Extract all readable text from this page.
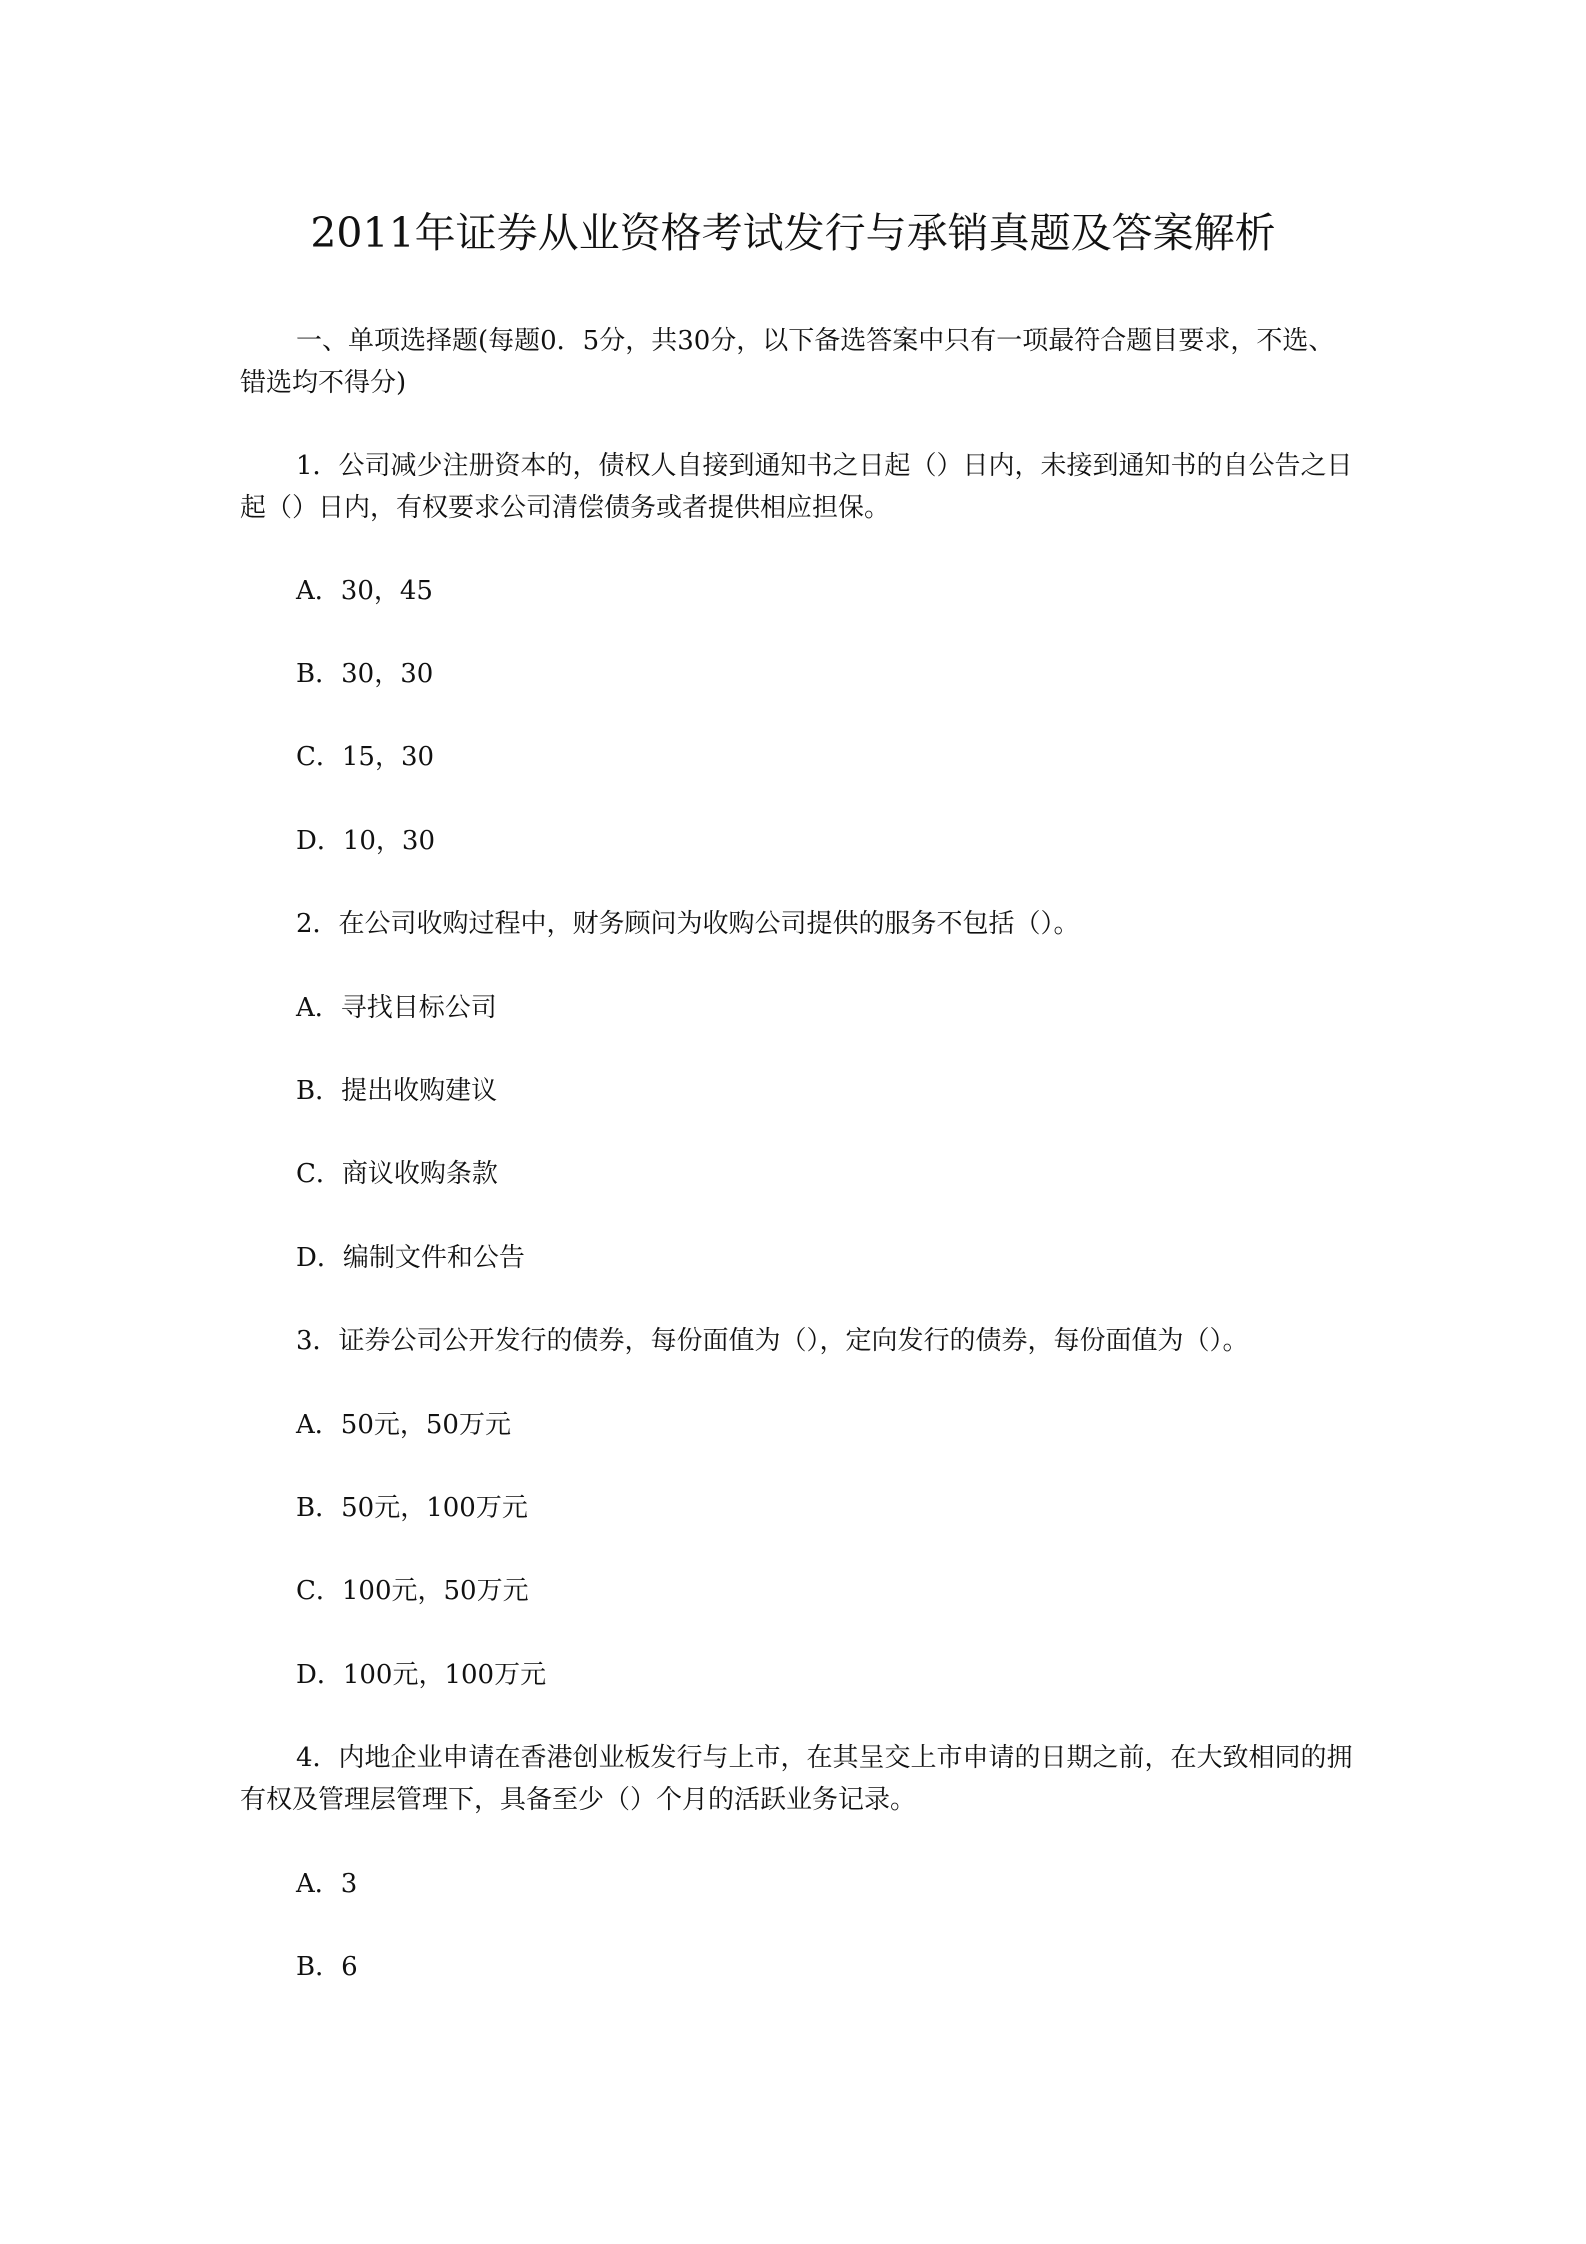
2011年证券从业资格考试发行与承销真题及答案解析
一、单项选择题(每题0．5分，共30分，以下备选答案中只有一项最符合题目要求，不选、错选均不得分)
1．公司减少注册资本的，债权人自接到通知书之日起（）日内，未接到通知书的自公告之日起（）日内，有权要求公司清偿债务或者提供相应担保。
A．30，45
B．30，30
C．15，30
D．10，30
2．在公司收购过程中，财务顾问为收购公司提供的服务不包括（）。
A．寻找目标公司
B．提出收购建议
C．商议收购条款
D．编制文件和公告
3．证券公司公开发行的债券，每份面值为（），定向发行的债券，每份面值为（）。
A．50元，50万元
B．50元，100万元
C．100元，50万元
D．100元，100万元
4．内地企业申请在香港创业板发行与上市，在其呈交上市申请的日期之前，在大致相同的拥有权及管理层管理下，具备至少（）个月的活跃业务记录。
A．3
B．6
